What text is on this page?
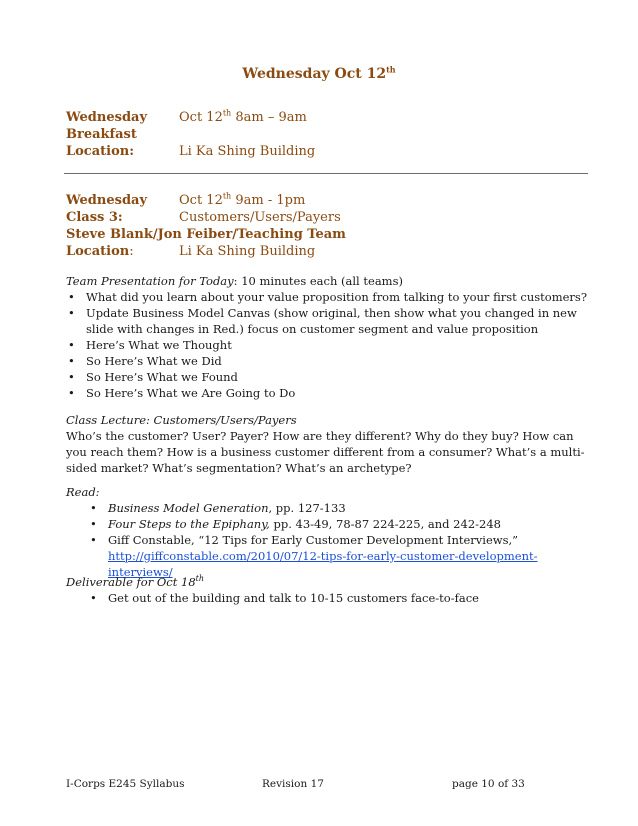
Wednesday Oct 12th
Wednesday Oct 12th 8am – 9am
Breakfast
Location:	Li Ka Shing Building
Wednesday Oct 12th 9am - 1pm
Class 3:	Customers/Users/Payers
Steve Blank/Jon Feiber/Teaching Team
Location:	Li Ka Shing Building
Team Presentation for Today: 10 minutes each (all teams)
• What did you learn about your value proposition from talking to your first customers?
• Update Business Model Canvas (show original, then show what you changed in new slide with changes in Red.) focus on customer segment and value proposition
• Here’s What we Thought
• So Here’s What we Did
• So Here’s What we Found
• So Here’s What we Are Going to Do
Class Lecture: Customers/Users/Payers
Who’s the customer? User? Payer? How are they different? Why do they buy? How can you reach them? How is a business customer different from a consumer? What’s a multi-sided market? What’s segmentation? What’s an archetype?
Read:
• Business Model Generation, pp. 127-133
• Four Steps to the Epiphany, pp. 43-49, 78-87 224-225, and 242-248
• Giff Constable, “12 Tips for Early Customer Development Interviews,”
http://giffconstable.com/2010/07/12-tips-for-early-customer-development-interviews/
Deliverable for Oct 18th
• Get out of the building and talk to 10-15 customers face-to-face
I-Corps E245 Syllabus	Revision 17	page 10 of 33
